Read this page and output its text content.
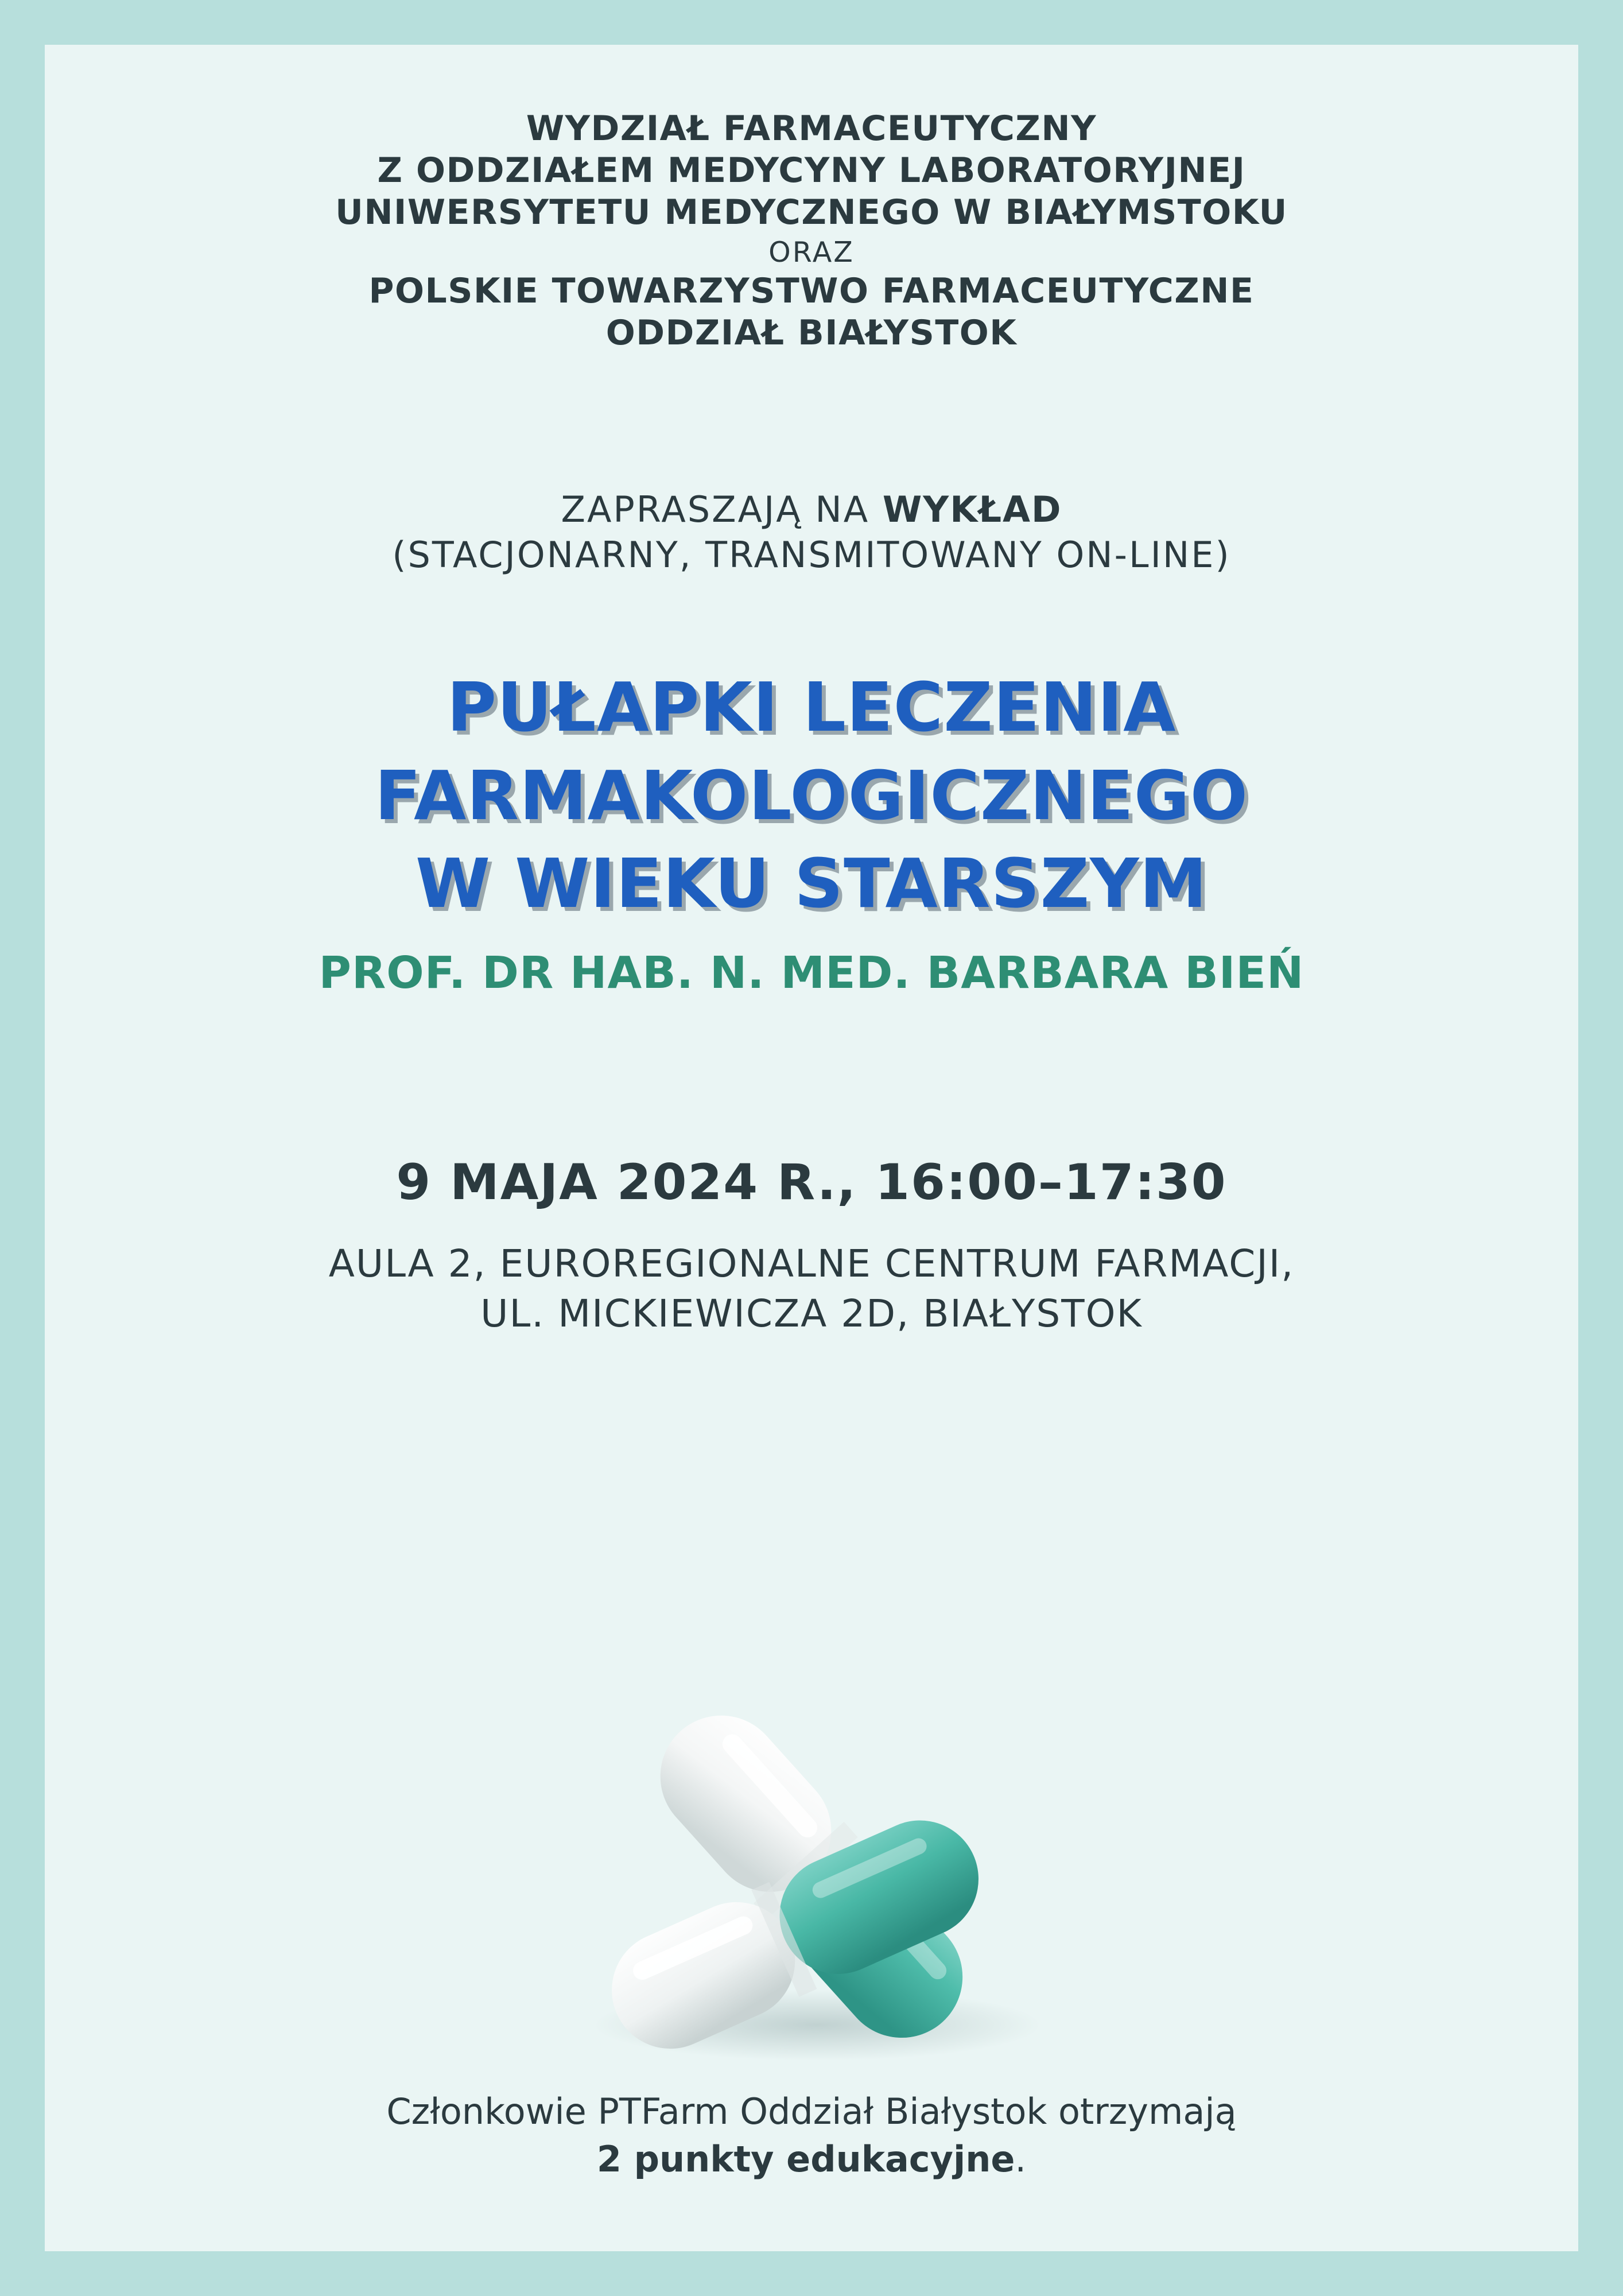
WYDZIAŁ FARMACEUTYCZNY
Z ODDZIAŁEM MEDYCYNY LABORATORYJNEJ
UNIWERSYTETU MEDYCZNEGO W BIAŁYMSTOKU
ORAZ
POLSKIE TOWARZYSTWO FARMACEUTYCZNE
ODDZIAŁ BIAŁYSTOK
ZAPRASZAJĄ NA WYKŁAD
(STACJONARNY, TRANSMITOWANY ON-LINE)
PUŁAPKI LECZENIA
FARMAKOLOGICZNEGO
W WIEKU STARSZYM
PROF. DR HAB. N. MED. BARBARA BIEŃ
9 MAJA 2024 R., 16:00–17:30
AULA 2, EUROREGIONALNE CENTRUM FARMACJI,
UL. MICKIEWICZA 2D, BIAŁYSTOK
Członkowie PTFarm Oddział Białystok otrzymają
2 punkty edukacyjne.
